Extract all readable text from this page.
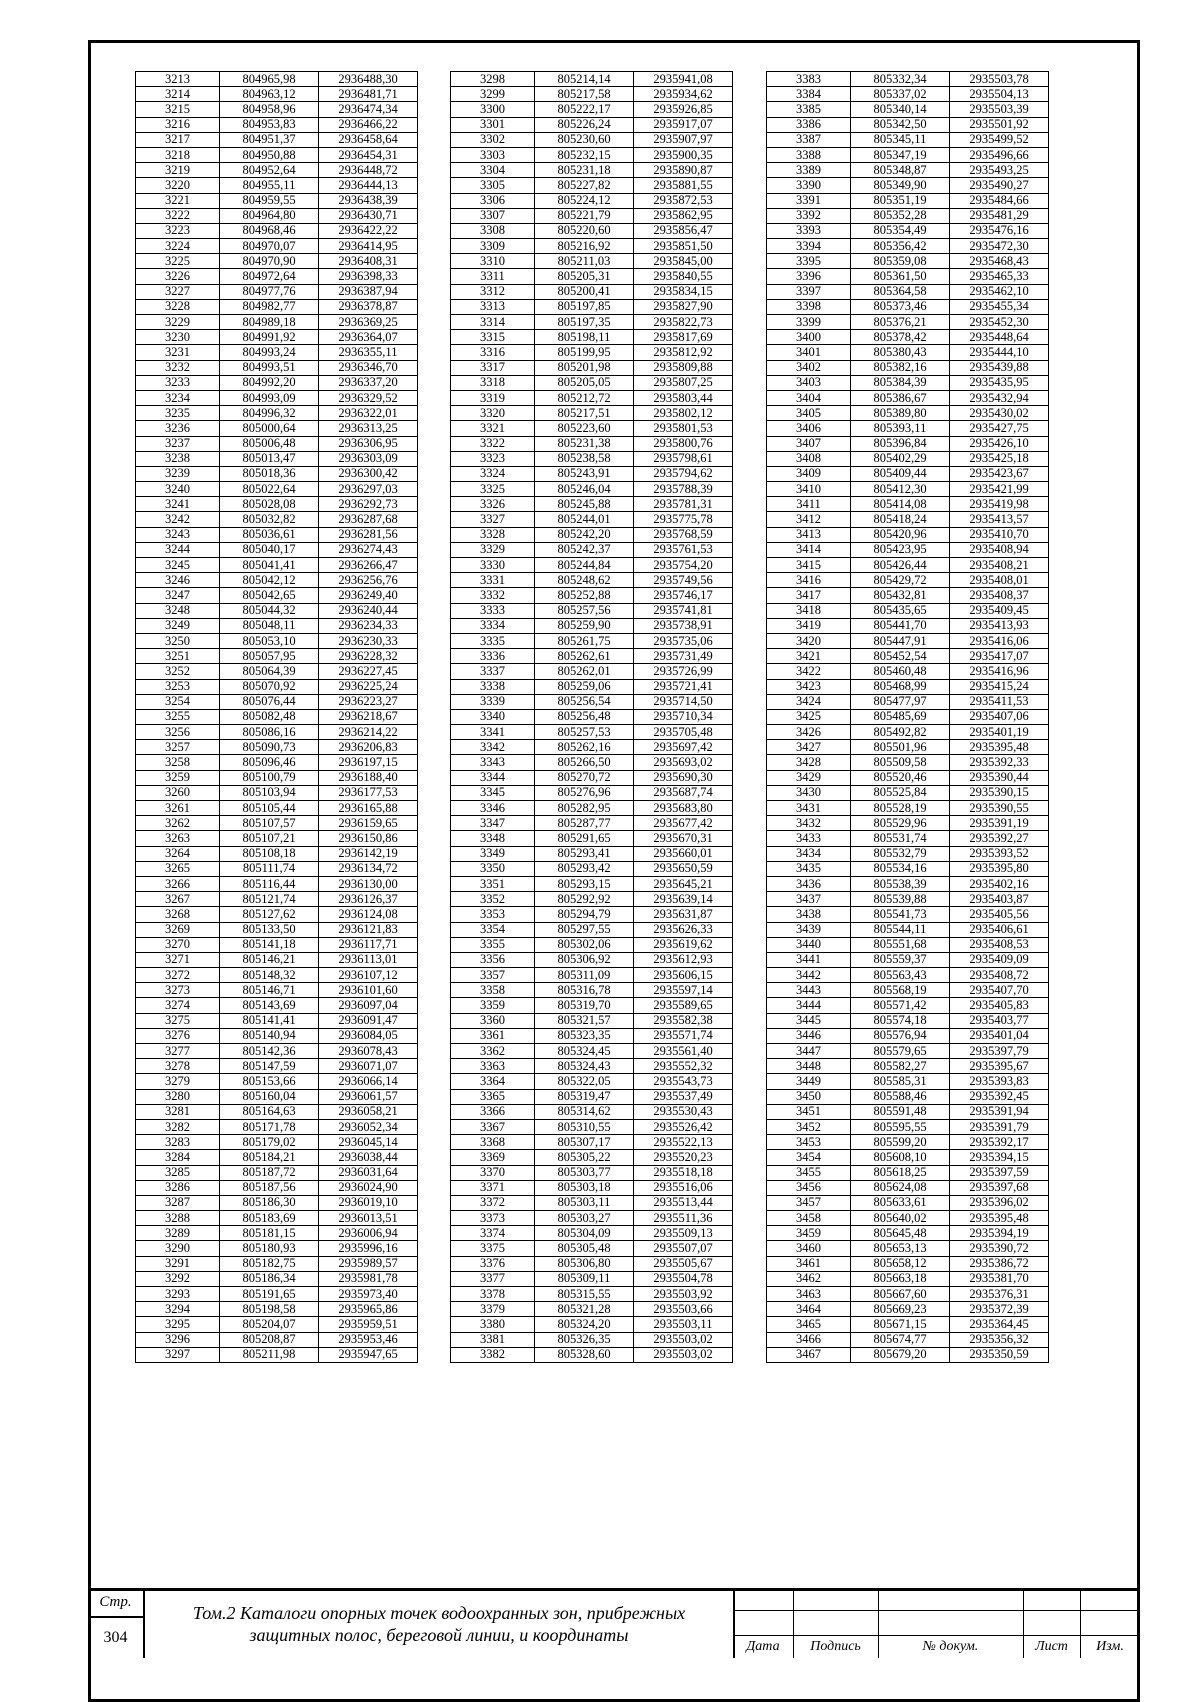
3213	804965,98	2936488,30
3214	804963,12	2936481,71
3215	804958,96	2936474,34
3216	804953,83	2936466,22
3217	804951,37	2936458,64
3218	804950,88	2936454,31
3219	804952,64	2936448,72
3220	804955,11	2936444,13
3221	804959,55	2936438,39
3222	804964,80	2936430,71
3223	804968,46	2936422,22
3224	804970,07	2936414,95
3225	804970,90	2936408,31
3226	804972,64	2936398,33
3227	804977,76	2936387,94
3228	804982,77	2936378,87
3229	804989,18	2936369,25
3230	804991,92	2936364,07
3231	804993,24	2936355,11
3232	804993,51	2936346,70
3233	804992,20	2936337,20
3234	804993,09	2936329,52
3235	804996,32	2936322,01
3236	805000,64	2936313,25
3237	805006,48	2936306,95
3238	805013,47	2936303,09
3239	805018,36	2936300,42
3240	805022,64	2936297,03
3241	805028,08	2936292,73
3242	805032,82	2936287,68
3243	805036,61	2936281,56
3244	805040,17	2936274,43
3245	805041,41	2936266,47
3246	805042,12	2936256,76
3247	805042,65	2936249,40
3248	805044,32	2936240,44
3249	805048,11	2936234,33
3250	805053,10	2936230,33
3251	805057,95	2936228,32
3252	805064,39	2936227,45
3253	805070,92	2936225,24
3254	805076,44	2936223,27
3255	805082,48	2936218,67
3256	805086,16	2936214,22
3257	805090,73	2936206,83
3258	805096,46	2936197,15
3259	805100,79	2936188,40
3260	805103,94	2936177,53
3261	805105,44	2936165,88
3262	805107,57	2936159,65
3263	805107,21	2936150,86
3264	805108,18	2936142,19
3265	805111,74	2936134,72
3266	805116,44	2936130,00
3267	805121,74	2936126,37
3268	805127,62	2936124,08
3269	805133,50	2936121,83
3270	805141,18	2936117,71
3271	805146,21	2936113,01
3272	805148,32	2936107,12
3273	805146,71	2936101,60
3274	805143,69	2936097,04
3275	805141,41	2936091,47
3276	805140,94	2936084,05
3277	805142,36	2936078,43
3278	805147,59	2936071,07
3279	805153,66	2936066,14
3280	805160,04	2936061,57
3281	805164,63	2936058,21
3282	805171,78	2936052,34
3283	805179,02	2936045,14
3284	805184,21	2936038,44
3285	805187,72	2936031,64
3286	805187,56	2936024,90
3287	805186,30	2936019,10
3288	805183,69	2936013,51
3289	805181,15	2936006,94
3290	805180,93	2935996,16
3291	805182,75	2935989,57
3292	805186,34	2935981,78
3293	805191,65	2935973,40
3294	805198,58	2935965,86
3295	805204,07	2935959,51
3296	805208,87	2935953,46
3297	805211,98	2935947,65
3298	805214,14	2935941,08
3299	805217,58	2935934,62
3300	805222,17	2935926,85
3301	805226,24	2935917,07
3302	805230,60	2935907,97
3303	805232,15	2935900,35
3304	805231,18	2935890,87
3305	805227,82	2935881,55
3306	805224,12	2935872,53
3307	805221,79	2935862,95
3308	805220,60	2935856,47
3309	805216,92	2935851,50
3310	805211,03	2935845,00
3311	805205,31	2935840,55
3312	805200,41	2935834,15
3313	805197,85	2935827,90
3314	805197,35	2935822,73
3315	805198,11	2935817,69
3316	805199,95	2935812,92
3317	805201,98	2935809,88
3318	805205,05	2935807,25
3319	805212,72	2935803,44
3320	805217,51	2935802,12
3321	805223,60	2935801,53
3322	805231,38	2935800,76
3323	805238,58	2935798,61
3324	805243,91	2935794,62
3325	805246,04	2935788,39
3326	805245,88	2935781,31
3327	805244,01	2935775,78
3328	805242,20	2935768,59
3329	805242,37	2935761,53
3330	805244,84	2935754,20
3331	805248,62	2935749,56
3332	805252,88	2935746,17
3333	805257,56	2935741,81
3334	805259,90	2935738,91
3335	805261,75	2935735,06
3336	805262,61	2935731,49
3337	805262,01	2935726,99
3338	805259,06	2935721,41
3339	805256,54	2935714,50
3340	805256,48	2935710,34
3341	805257,53	2935705,48
3342	805262,16	2935697,42
3343	805266,50	2935693,02
3344	805270,72	2935690,30
3345	805276,96	2935687,74
3346	805282,95	2935683,80
3347	805287,77	2935677,42
3348	805291,65	2935670,31
3349	805293,41	2935660,01
3350	805293,42	2935650,59
3351	805293,15	2935645,21
3352	805292,92	2935639,14
3353	805294,79	2935631,87
3354	805297,55	2935626,33
3355	805302,06	2935619,62
3356	805306,92	2935612,93
3357	805311,09	2935606,15
3358	805316,78	2935597,14
3359	805319,70	2935589,65
3360	805321,57	2935582,38
3361	805323,35	2935571,74
3362	805324,45	2935561,40
3363	805324,43	2935552,32
3364	805322,05	2935543,73
3365	805319,47	2935537,49
3366	805314,62	2935530,43
3367	805310,55	2935526,42
3368	805307,17	2935522,13
3369	805305,22	2935520,23
3370	805303,77	2935518,18
3371	805303,18	2935516,06
3372	805303,11	2935513,44
3373	805303,27	2935511,36
3374	805304,09	2935509,13
3375	805305,48	2935507,07
3376	805306,80	2935505,67
3377	805309,11	2935504,78
3378	805315,55	2935503,92
3379	805321,28	2935503,66
3380	805324,20	2935503,11
3381	805326,35	2935503,02
3382	805328,60	2935503,02
3383	805332,34	2935503,78
3384	805337,02	2935504,13
3385	805340,14	2935503,39
3386	805342,50	2935501,92
3387	805345,11	2935499,52
3388	805347,19	2935496,66
3389	805348,87	2935493,25
3390	805349,90	2935490,27
3391	805351,19	2935484,66
3392	805352,28	2935481,29
3393	805354,49	2935476,16
3394	805356,42	2935472,30
3395	805359,08	2935468,43
3396	805361,50	2935465,33
3397	805364,58	2935462,10
3398	805373,46	2935455,34
3399	805376,21	2935452,30
3400	805378,42	2935448,64
3401	805380,43	2935444,10
3402	805382,16	2935439,88
3403	805384,39	2935435,95
3404	805386,67	2935432,94
3405	805389,80	2935430,02
3406	805393,11	2935427,75
3407	805396,84	2935426,10
3408	805402,29	2935425,18
3409	805409,44	2935423,67
3410	805412,30	2935421,99
3411	805414,08	2935419,98
3412	805418,24	2935413,57
3413	805420,96	2935410,70
3414	805423,95	2935408,94
3415	805426,44	2935408,21
3416	805429,72	2935408,01
3417	805432,81	2935408,37
3418	805435,65	2935409,45
3419	805441,70	2935413,93
3420	805447,91	2935416,06
3421	805452,54	2935417,07
3422	805460,48	2935416,96
3423	805468,99	2935415,24
3424	805477,97	2935411,53
3425	805485,69	2935407,06
3426	805492,82	2935401,19
3427	805501,96	2935395,48
3428	805509,58	2935392,33
3429	805520,46	2935390,44
3430	805525,84	2935390,15
3431	805528,19	2935390,55
3432	805529,96	2935391,19
3433	805531,74	2935392,27
3434	805532,79	2935393,52
3435	805534,16	2935395,80
3436	805538,39	2935402,16
3437	805539,88	2935403,87
3438	805541,73	2935405,56
3439	805544,11	2935406,61
3440	805551,68	2935408,53
3441	805559,37	2935409,09
3442	805563,43	2935408,72
3443	805568,19	2935407,70
3444	805571,42	2935405,83
3445	805574,18	2935403,77
3446	805576,94	2935401,04
3447	805579,65	2935397,79
3448	805582,27	2935395,67
3449	805585,31	2935393,83
3450	805588,46	2935392,45
3451	805591,48	2935391,94
3452	805595,55	2935391,79
3453	805599,20	2935392,17
3454	805608,10	2935394,15
3455	805618,25	2935397,59
3456	805624,08	2935397,68
3457	805633,61	2935396,02
3458	805640,02	2935395,48
3459	805645,48	2935394,19
3460	805653,13	2935390,72
3461	805658,12	2935386,72
3462	805663,18	2935381,70
3463	805667,60	2935376,31
3464	805669,23	2935372,39
3465	805671,15	2935364,45
3466	805674,77	2935356,32
3467	805679,20	2935350,59
Стр.
304
Том.2 Каталоги опорных точек водоохранных зон, прибрежных
защитных полос, береговой линии, и координаты
Дата	Подпись	№ докум.	Лист	Изм.
